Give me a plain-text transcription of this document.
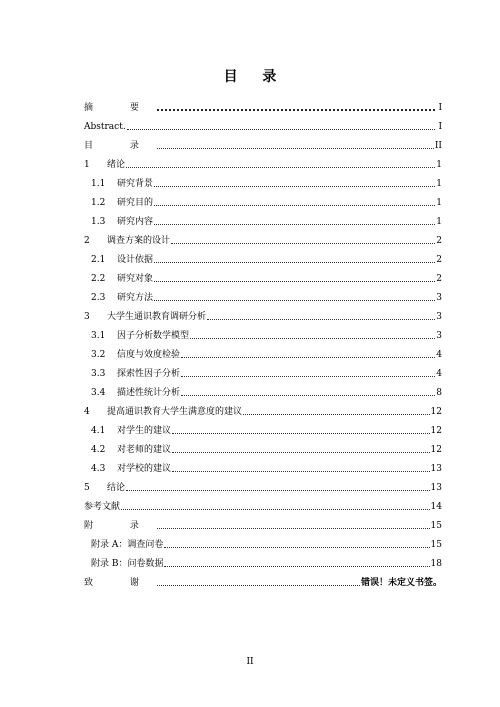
目 录
摘 要	I
Abstract.	I
目 录	II
1 绪论	1
1.1 研究背景	1
1.2 研究目的	1
1.3 研究内容	1
2 调查方案的设计	2
2.1 设计依据	2
2.2 研究对象	2
2.3 研究方法	3
3 大学生通识教育调研分析	3
3.1 因子分析数学模型	3
3.2 信度与效度检验	4
3.3 探索性因子分析	4
3.4 描述性统计分析	8
4 提高通识教育大学生满意度的建议	12
4.1 对学生的建议	12
4.2 对老师的建议	12
4.3 对学校的建议	13
5 结论	13
参考文献	14
附 录	15
附录 A：调查问卷	15
附录 B：问卷数据	18
致 谢	错误！未定义书签。
II
